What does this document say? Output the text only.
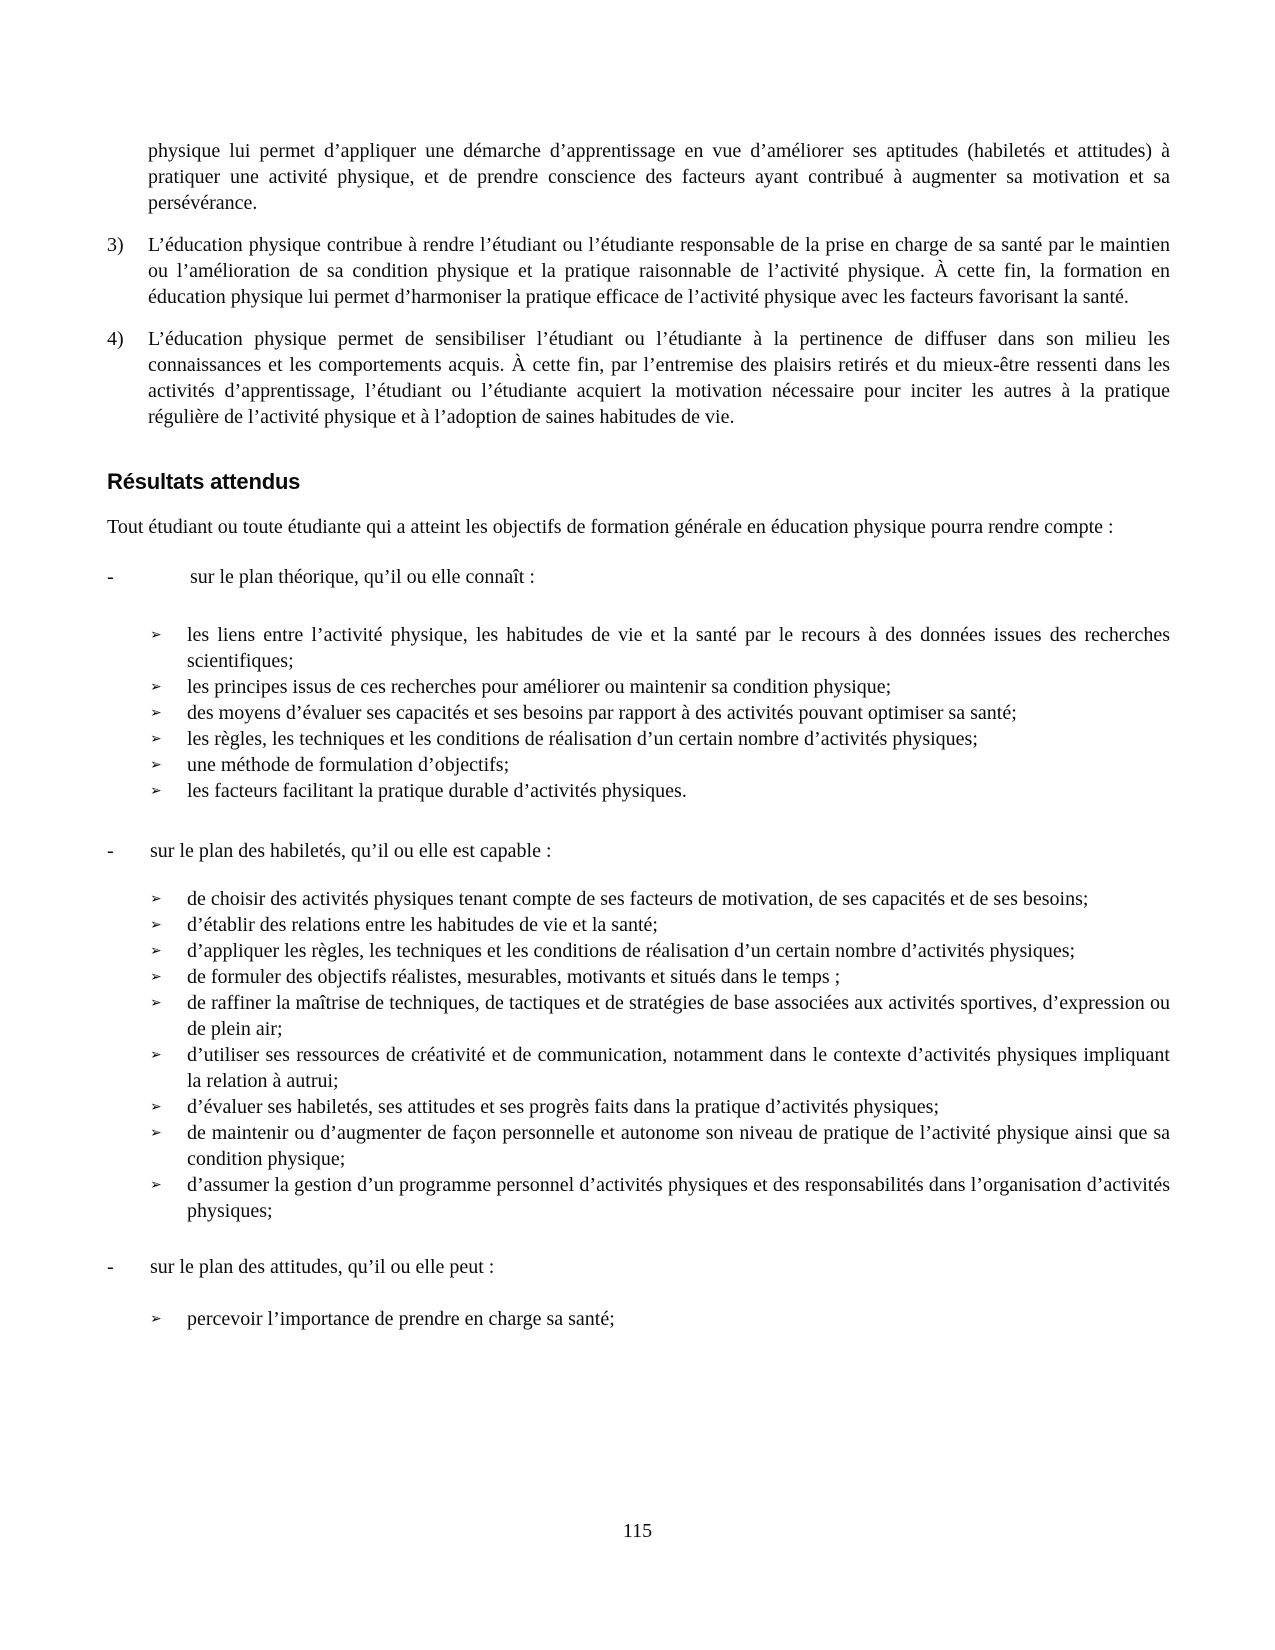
physique lui permet d’appliquer une démarche d’apprentissage en vue d’améliorer ses aptitudes (habiletés et attitudes) à pratiquer une activité physique, et de prendre conscience des facteurs ayant contribué à augmenter sa motivation et sa persévérance.

3)	L’éducation physique contribue à rendre l’étudiant ou l’étudiante responsable de la prise en charge de sa santé par le maintien ou l’amélioration de sa condition physique et la pratique raisonnable de l’activité physique. À cette fin, la formation en éducation physique lui permet d’harmoniser la pratique efficace de l’activité physique avec les facteurs favorisant la santé.
4)	L’éducation physique permet de sensibiliser l’étudiant ou l’étudiante à la pertinence de diffuser dans son milieu les connaissances et les comportements acquis. À cette fin, par l’entremise des plaisirs retirés et du mieux-être ressenti dans les activités d’apprentissage, l’étudiant ou l’étudiante acquiert la motivation nécessaire pour inciter les autres à la pratique régulière de l’activité physique et à l’adoption de saines habitudes de vie.
Résultats attendus

Tout étudiant ou toute étudiante qui a atteint les objectifs de formation générale en éducation physique pourra rendre compte :

-	sur le plan théorique, qu’il ou elle connaît :
➢	les liens entre l’activité physique, les habitudes de vie et la santé par le recours à des données issues des recherches scientifiques;
➢	les principes issus de ces recherches pour améliorer ou maintenir sa condition physique;
➢	des moyens d’évaluer ses capacités et ses besoins par rapport à des activités pouvant optimiser sa santé;
➢	les règles, les techniques et les conditions de réalisation d’un certain nombre d’activités physiques;
➢	une méthode de formulation d’objectifs;
➢	les facteurs facilitant la pratique durable d’activités physiques.
-	sur le plan des habiletés, qu’il ou elle est capable :
➢	de choisir des activités physiques tenant compte de ses facteurs de motivation, de ses capacités et de ses besoins;
➢	d’établir des relations entre les habitudes de vie et la santé;
➢	d’appliquer les règles, les techniques et les conditions de réalisation d’un certain nombre d’activités physiques;
➢	de formuler des objectifs réalistes, mesurables, motivants et situés dans le temps ;
➢	de raffiner la maîtrise de techniques, de tactiques et de stratégies de base associées aux activités sportives, d’expression ou de plein air;
➢	d’utiliser ses ressources de créativité et de communication, notamment dans le contexte d’activités physiques impliquant la relation à autrui;
➢	d’évaluer ses habiletés, ses attitudes et ses progrès faits dans la pratique d’activités physiques;
➢	de maintenir ou d’augmenter de façon personnelle et autonome son niveau de pratique de l’activité physique ainsi que sa condition physique;
➢	d’assumer la gestion d’un programme personnel d’activités physiques et des responsabilités dans l’organisation d’activités physiques;
-	sur le plan des attitudes, qu’il ou elle peut :
➢	percevoir l’importance de prendre en charge sa santé;
115
